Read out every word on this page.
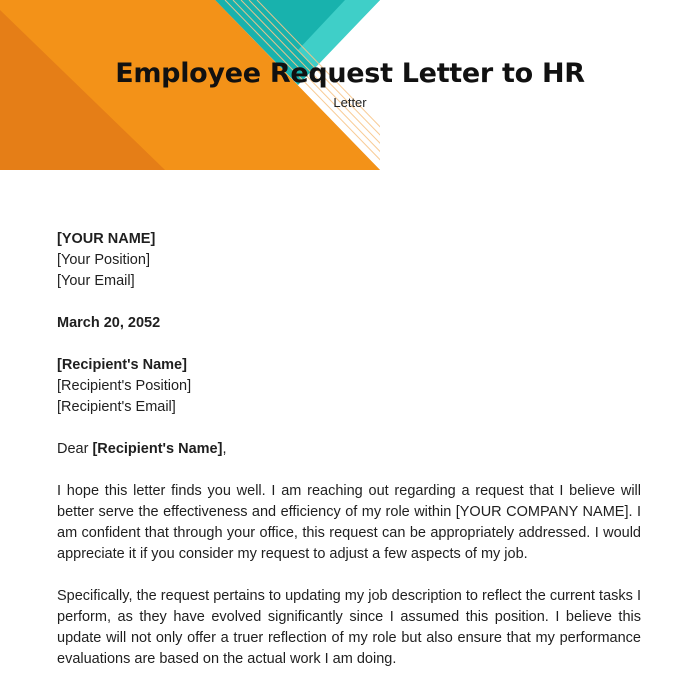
Employee Request Letter to HR
Letter
[YOUR NAME]
[Your Position]
[Your Email]
March 20, 2052
[Recipient's Name]
[Recipient's Position]
[Recipient's Email]
Dear [Recipient's Name],

I hope this letter finds you well. I am reaching out regarding a request that I believe will better serve the effectiveness and efficiency of my role within [YOUR COMPANY NAME]. I am confident that through your office, this request can be appropriately addressed. I would appreciate it if you consider my request to adjust a few aspects of my job.

Specifically, the request pertains to updating my job description to reflect the current tasks I perform, as they have evolved significantly since I assumed this position. I believe this update will not only offer a truer reflection of my role but also ensure that my performance evaluations are based on the actual work I am doing.
